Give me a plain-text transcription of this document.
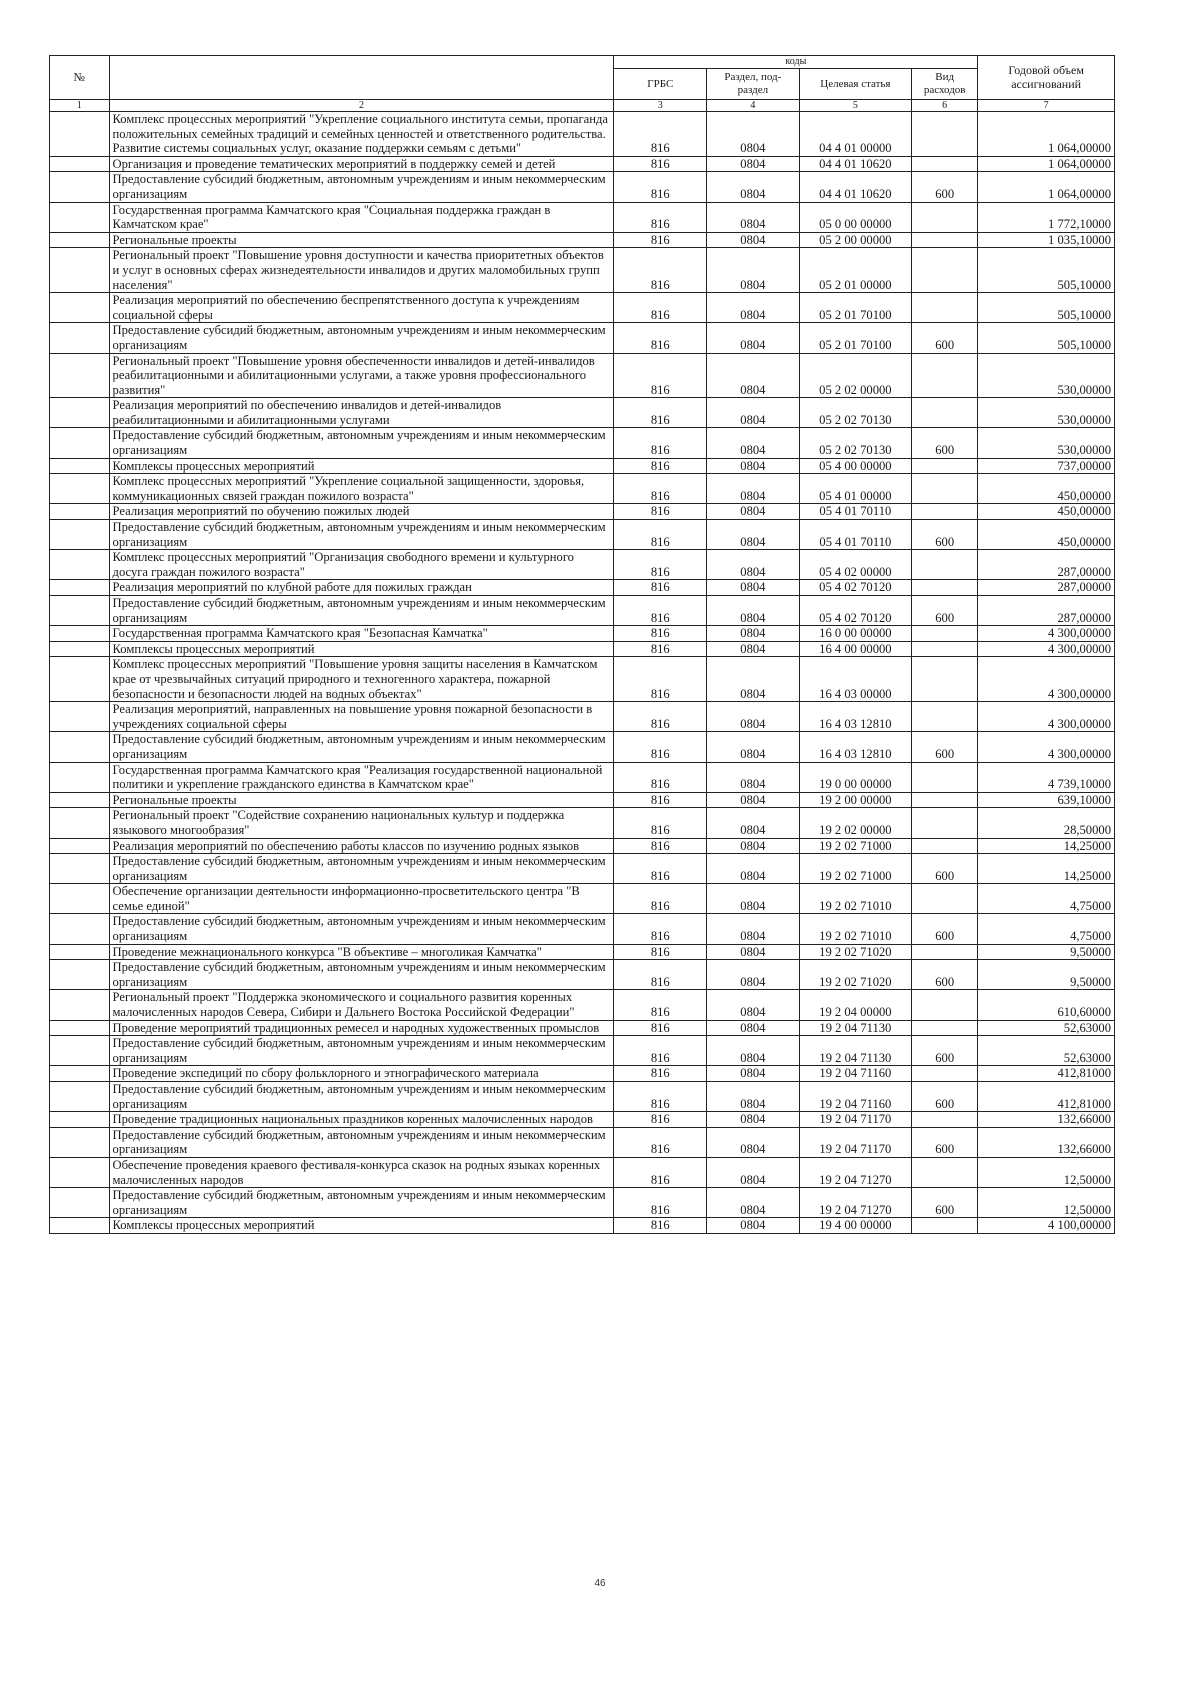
№		коды				Годовой объем ассигнований
		ГРБС	Раздел, под-раздел	Целевая статья	Вид расходов	
1	2	3	4	5	6	7
	Комплекс процессных мероприятий "Укрепление социального института семьи, пропаганда положительных семейных традиций и семейных ценностей и ответственного родительства. Развитие системы социальных услуг, оказание поддержки семьям с детьми"	816	0804	04 4 01 00000		1 064,00000
	Организация и проведение тематических мероприятий в поддержку семей и детей	816	0804	04 4 01 10620		1 064,00000
	Предоставление субсидий бюджетным, автономным учреждениям и иным некоммерческим организациям	816	0804	04 4 01 10620	600	1 064,00000
	Государственная программа Камчатского края "Социальная поддержка граждан в Камчатском крае"	816	0804	05 0 00 00000		1 772,10000
	Региональные проекты	816	0804	05 2 00 00000		1 035,10000
	Региональный проект "Повышение уровня доступности и качества приоритетных объектов и услуг в основных сферах жизнедеятельности инвалидов и других маломобильных групп населения"	816	0804	05 2 01 00000		505,10000
	Реализация мероприятий по обеспечению беспрепятственного доступа к учреждениям социальной сферы	816	0804	05 2 01 70100		505,10000
	Предоставление субсидий бюджетным, автономным учреждениям и иным некоммерческим организациям	816	0804	05 2 01 70100	600	505,10000
	Региональный проект "Повышение уровня обеспеченности инвалидов и детей-инвалидов реабилитационными и абилитационными услугами, а также уровня профессионального развития"	816	0804	05 2 02 00000		530,00000
	Реализация мероприятий по обеспечению инвалидов и детей-инвалидов реабилитационными и абилитационными услугами	816	0804	05 2 02 70130		530,00000
	Предоставление субсидий бюджетным, автономным учреждениям и иным некоммерческим организациям	816	0804	05 2 02 70130	600	530,00000
	Комплексы процессных мероприятий	816	0804	05 4 00 00000		737,00000
	Комплекс процессных мероприятий "Укрепление социальной защищенности, здоровья, коммуникационных связей граждан пожилого возраста"	816	0804	05 4 01 00000		450,00000
	Реализация мероприятий по обучению пожилых людей	816	0804	05 4 01 70110		450,00000
	Предоставление субсидий бюджетным, автономным учреждениям и иным некоммерческим организациям	816	0804	05 4 01 70110	600	450,00000
	Комплекс процессных мероприятий "Организация свободного времени и культурного досуга граждан пожилого возраста"	816	0804	05 4 02 00000		287,00000
	Реализация мероприятий по клубной работе для пожилых граждан	816	0804	05 4 02 70120		287,00000
	Предоставление субсидий бюджетным, автономным учреждениям и иным некоммерческим организациям	816	0804	05 4 02 70120	600	287,00000
	Государственная программа Камчатского края "Безопасная Камчатка"	816	0804	16 0 00 00000		4 300,00000
	Комплексы процессных мероприятий	816	0804	16 4 00 00000		4 300,00000
	Комплекс процессных мероприятий "Повышение уровня защиты населения в Камчатском крае от чрезвычайных ситуаций природного и техногенного характера, пожарной безопасности и безопасности людей на водных объектах"	816	0804	16 4 03 00000		4 300,00000
	Реализация мероприятий, направленных на повышение уровня пожарной безопасности в учреждениях социальной сферы	816	0804	16 4 03 12810		4 300,00000
	Предоставление субсидий бюджетным, автономным учреждениям и иным некоммерческим организациям	816	0804	16 4 03 12810	600	4 300,00000
	Государственная программа Камчатского края "Реализация государственной национальной политики и укрепление гражданского единства в Камчатском крае"	816	0804	19 0 00 00000		4 739,10000
	Региональные проекты	816	0804	19 2 00 00000		639,10000
	Региональный проект "Содействие сохранению национальных культур и поддержка языкового многообразия"	816	0804	19 2 02 00000		28,50000
	Реализация мероприятий по обеспечению работы классов по изучению родных языков	816	0804	19 2 02 71000		14,25000
	Предоставление субсидий бюджетным, автономным учреждениям и иным некоммерческим организациям	816	0804	19 2 02 71000	600	14,25000
	Обеспечение организации деятельности информационно-просветительского центра "В семье единой"	816	0804	19 2 02 71010		4,75000
	Предоставление субсидий бюджетным, автономным учреждениям и иным некоммерческим организациям	816	0804	19 2 02 71010	600	4,75000
	Проведение межнационального конкурса "В объективе – многоликая Камчатка"	816	0804	19 2 02 71020		9,50000
	Предоставление субсидий бюджетным, автономным учреждениям и иным некоммерческим организациям	816	0804	19 2 02 71020	600	9,50000
	Региональный проект "Поддержка экономического и социального развития коренных малочисленных народов Севера, Сибири и Дальнего Востока Российской Федерации"	816	0804	19 2 04 00000		610,60000
	Проведение мероприятий традиционных ремесел и народных художественных промыслов	816	0804	19 2 04 71130		52,63000
	Предоставление субсидий бюджетным, автономным учреждениям и иным некоммерческим организациям	816	0804	19 2 04 71130	600	52,63000
	Проведение экспедиций по сбору фольклорного и этнографического материала	816	0804	19 2 04 71160		412,81000
	Предоставление субсидий бюджетным, автономным учреждениям и иным некоммерческим организациям	816	0804	19 2 04 71160	600	412,81000
	Проведение традиционных национальных праздников коренных малочисленных народов	816	0804	19 2 04 71170		132,66000
	Предоставление субсидий бюджетным, автономным учреждениям и иным некоммерческим организациям	816	0804	19 2 04 71170	600	132,66000
	Обеспечение проведения краевого фестиваля-конкурса сказок на родных языках коренных малочисленных народов	816	0804	19 2 04 71270		12,50000
	Предоставление субсидий бюджетным, автономным учреждениям и иным некоммерческим организациям	816	0804	19 2 04 71270	600	12,50000
	Комплексы процессных мероприятий	816	0804	19 4 00 00000		4 100,00000
46
